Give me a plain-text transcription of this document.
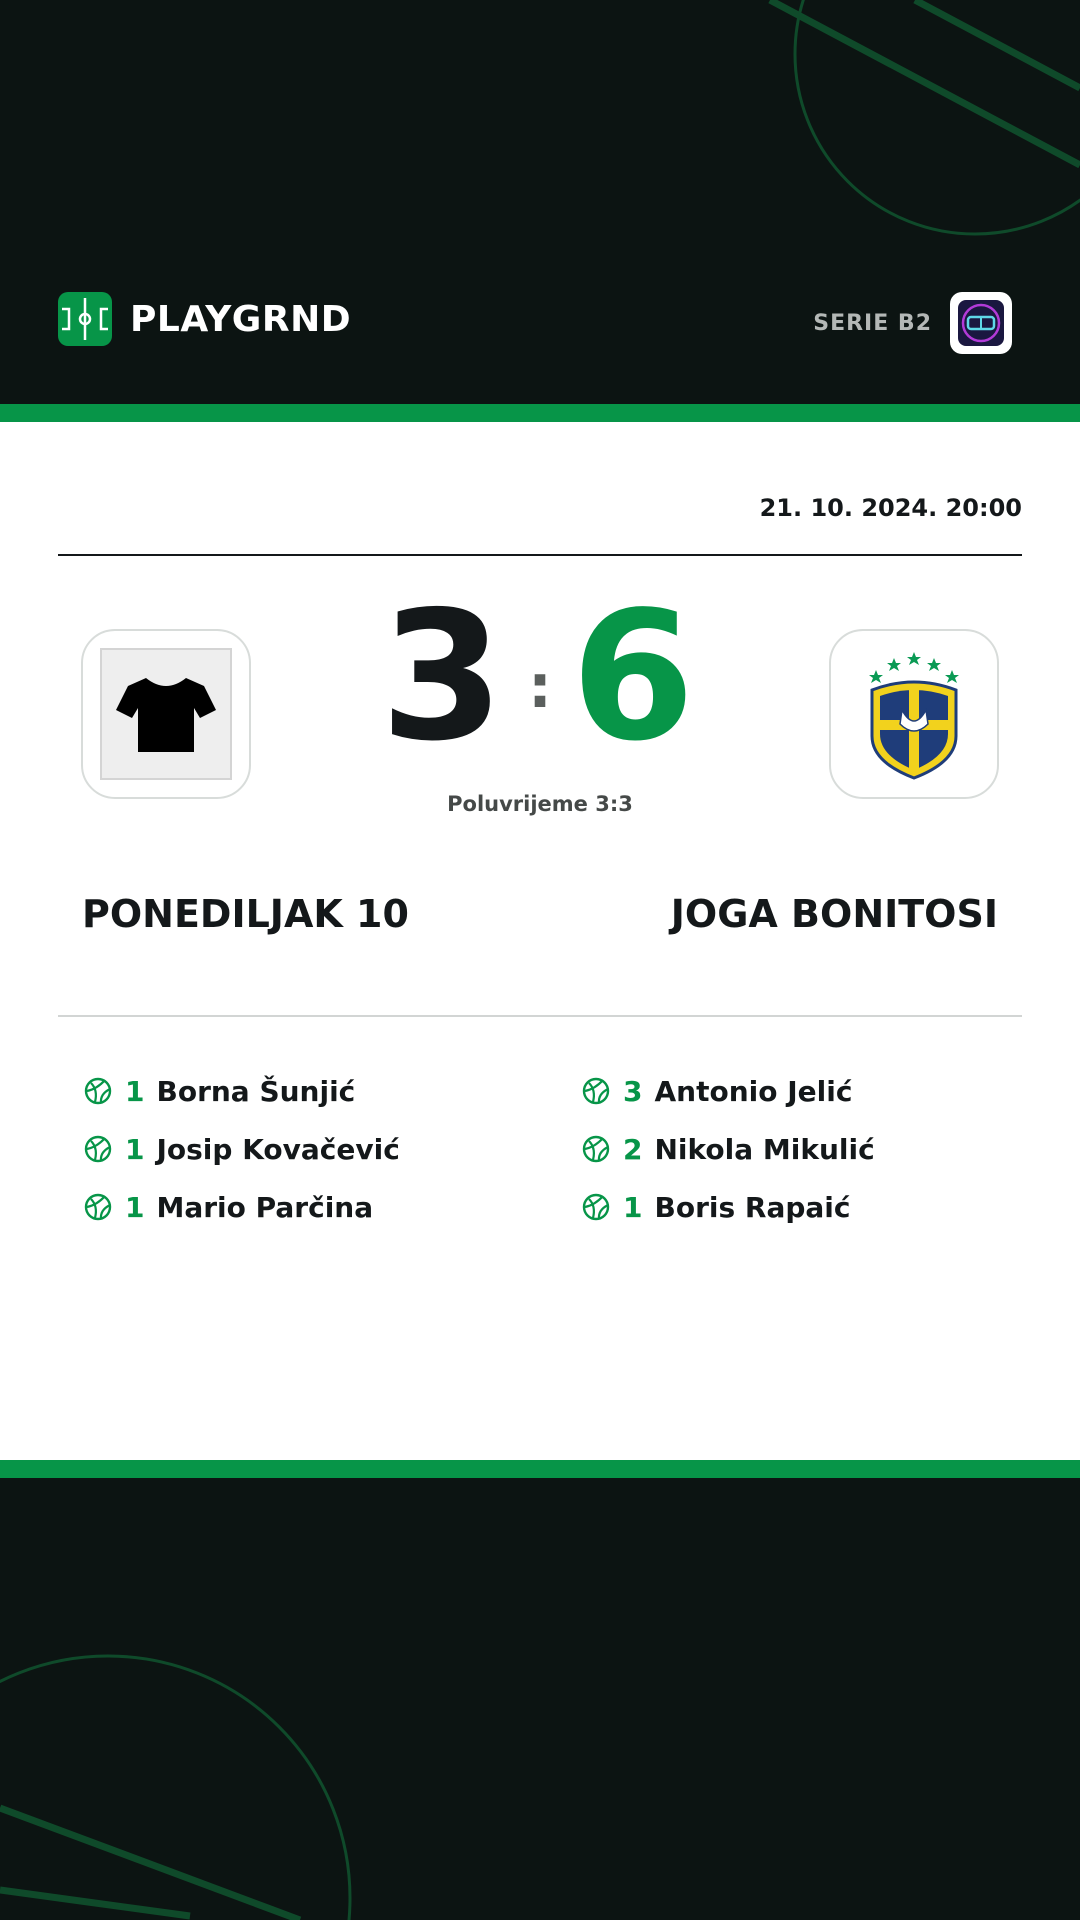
PLAYGRND	SERIE B2
21. 10. 2024. 20:00
3 : 6
Poluvrijeme 3:3
PONEDILJAK 10	JOGA BONITOSI
1 Borna Šunjić
1 Josip Kovačević
1 Mario Parčina
3 Antonio Jelić
2 Nikola Mikulić
1 Boris Rapaić
